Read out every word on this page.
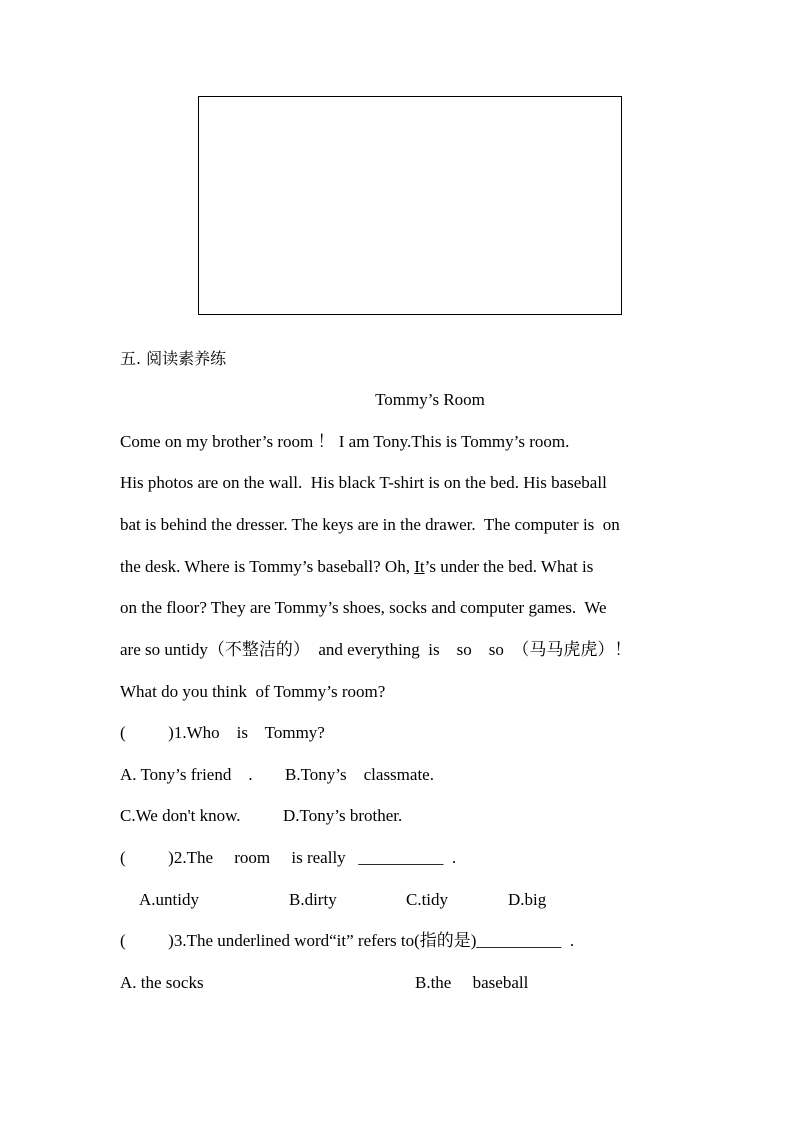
五. 阅读素养练
Tommy’s Room
Come on my brother’s room ！ I am Tony.This is Tommy’s room.
His photos are on the wall.  His black T-shirt is on the bed. His baseball
bat is behind the dresser. The keys are in the drawer.  The computer is  on
the desk. Where is Tommy’s baseball? Oh, It’s under the bed. What is
on the floor? They are Tommy’s shoes, socks and computer games.  We
are so untidy（不整洁的）  and everything  is    so    so  （马马虎虎）！
What do you think  of Tommy’s room?
(          )1.Who    is    Tommy?
A. Tony’s friend    . B.Tony’s    classmate.
C.We don't know. D.Tony’s brother.
(          )2.The     room     is really   __________  .
A.untidy	B.dirty	C.tidy	D.big
(          )3.The underlined word“it” refers to(指的是)__________  .
A. the socks	B.the     baseball
